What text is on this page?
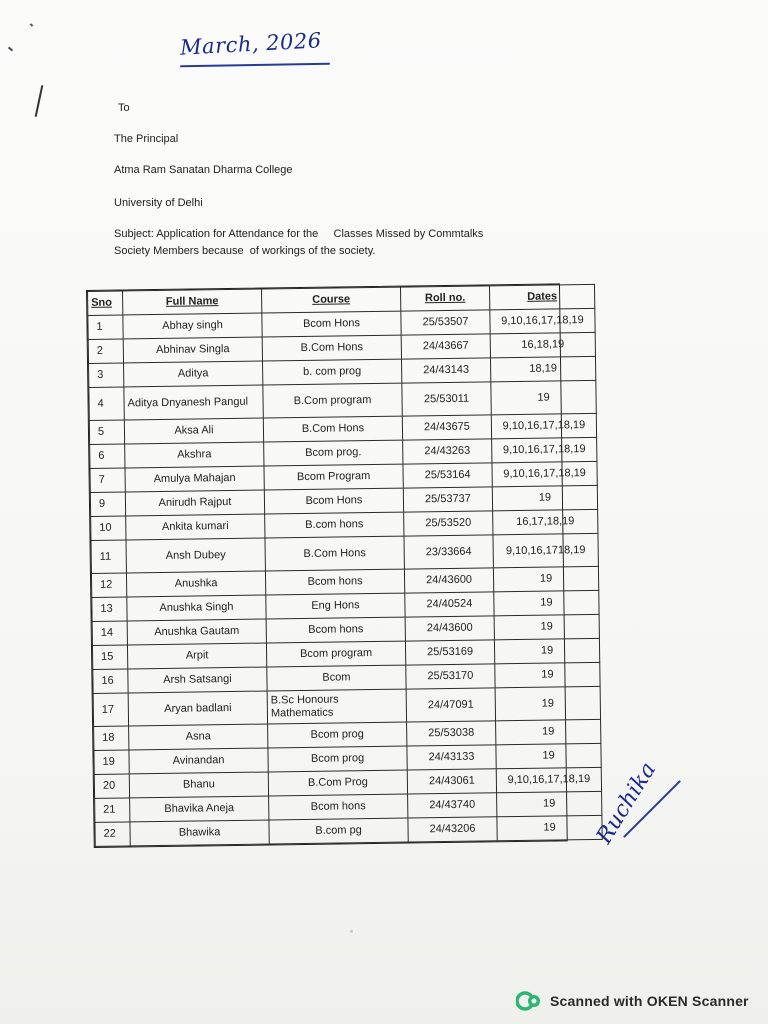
March, 2026
To
The Principal
Atma Ram Sanatan Dharma College
University of Delhi
Subject: Application for Attendance for the     Classes Missed by Commtalks
Society Members because  of workings of the society.
Sno	Full Name	Course	Roll no.	Dates
1	Abhay singh	Bcom Hons	25/53507	9,10,16,17,18,19
2	Abhinav Singla	B.Com Hons	24/43667	16,18,19
3	Aditya	b. com prog	24/43143	18,19
4	Aditya Dnyanesh Pangul	B.Com program	25/53011	19
5	Aksa Ali	B.Com Hons	24/43675	9,10,16,17,18,19
6	Akshra	Bcom prog.	24/43263	9,10,16,17,18,19
7	Amulya Mahajan	Bcom Program	25/53164	9,10,16,17,18,19
9	Anirudh Rajput	Bcom Hons	25/53737	19
10	Ankita kumari	B.com hons	25/53520	16,17,18,19
11	Ansh Dubey	B.Com Hons	23/33664	9,10,16,1718,19
12	Anushka	Bcom hons	24/43600	19
13	Anushka Singh	Eng Hons	24/40524	19
14	Anushka Gautam	Bcom hons	24/43600	19
15	Arpit	Bcom program	25/53169	19
16	Arsh Satsangi	Bcom	25/53170	19
17	Aryan badlani	B.Sc Honours Mathematics	24/47091	19
18	Asna	Bcom prog	25/53038	19
19	Avinandan	Bcom prog	24/43133	19
20	Bhanu	B.Com Prog	24/43061	9,10,16,17,18,19
21	Bhavika Aneja	Bcom hons	24/43740	19
22	Bhawika	B.com pg	24/43206	19 Ruchika
Scanned with OKEN Scanner
